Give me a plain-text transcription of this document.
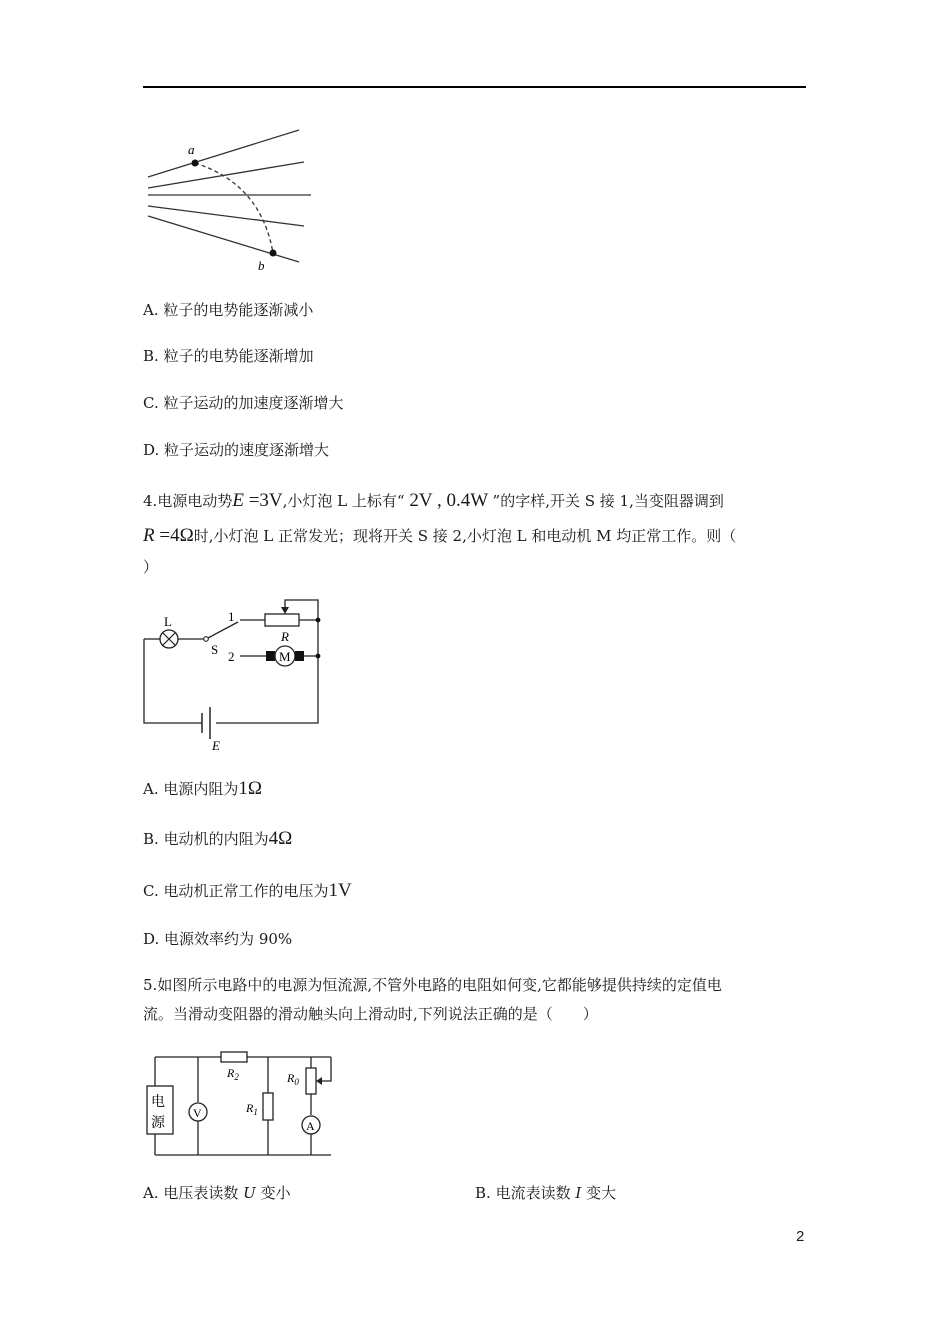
a
b
A. 粒子的电势能逐渐减小
B. 粒子的电势能逐渐增加
C. 粒子运动的加速度逐渐增大
D. 粒子运动的速度逐渐增大
4.电源电动势E =3V,小灯泡 L 上标有“ 2V , 0.4W ”的字样,开关 S 接 1,当变阻器调到
R =4Ω时,小灯泡 L 正常发光；现将开关 S 接 2,小灯泡 L 和电动机 M 均正常工作。则（
）
E
L
S
1
2
R
M
A. 电源内阻为1Ω
B. 电动机的内阻为4Ω
C. 电动机正常工作的电压为1V
D. 电源效率约为 90%
5.如图所示电路中的电源为恒流源,不管外电路的电阻如何变,它都能够提供持续的定值电
流。当滑动变阻器的滑动触头向上滑动时,下列说法正确的是（　　）
$R_2$
电
源
V	$R_1$
$R_0$
A
A. 电压表读数 U 变小	B. 电流表读数 I 变大
2
